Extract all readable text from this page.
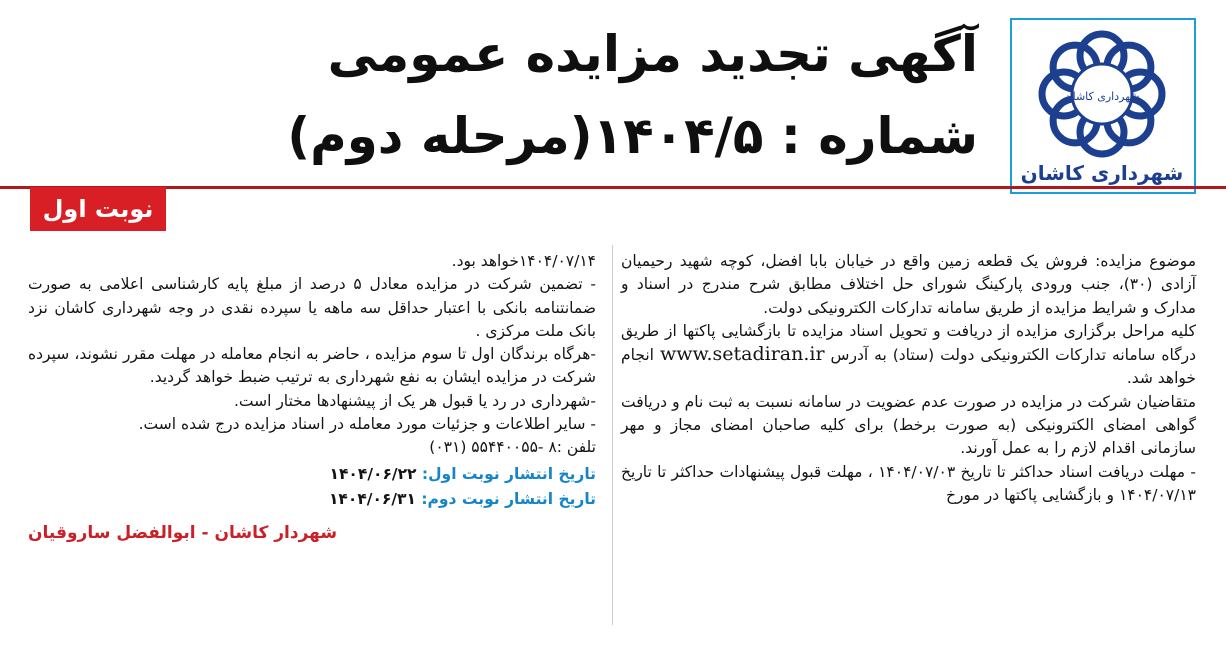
شهرداری کاشان
شهرداری کاشان
آگهی تجدید مزایده عمومی
شماره : ۱۴۰۴/۵(مرحله دوم)
نوبت اول

موضوع مزایده: فروش یک قطعه زمین واقع در خیابان بابا افضل، کوچه شهید رحیمیان آزادی (۳۰)، جنب ورودی پارکینگ شورای حل اختلاف مطابق شرح مندرج در اسناد و مدارک و شرایط مزایده از طریق سامانه تدارکات الکترونیکی دولت.

کلیه مراحل برگزاری مزایده از دریافت و تحویل اسناد مزایده تا بازگشایی پاکتها از طریق درگاه سامانه تدارکات الکترونیکی دولت (ستاد) به آدرس www.setadiran.ir انجام خواهد شد.

متقاضیان شرکت در مزایده در صورت عدم عضویت در سامانه نسبت به ثبت نام و دریافت گواهی امضای الکترونیکی (به صورت برخط) برای کلیه صاحبان امضای مجاز و مهر سازمانی اقدام لازم را به عمل آورند.

- مهلت دریافت اسناد حداکثر تا تاریخ ۱۴۰۴/۰۷/۰۳ ، مهلت قبول پیشنهادات حداکثر تا تاریخ ۱۴۰۴/۰۷/۱۳ و بازگشایی پاکتها در مورخ

۱۴۰۴/۰۷/۱۴خواهد بود.

- تضمین شرکت در مزایده معادل ۵ درصد از مبلغ پایه کارشناسی اعلامی به صورت ضمانتنامه بانکی با اعتبار حداقل سه ماهه یا سپرده نقدی در وجه شهرداری کاشان نزد بانک ملت مرکزی .

-هرگاه برندگان اول تا سوم مزایده ، حاضر به انجام معامله در مهلت مقرر نشوند، سپرده شرکت در مزایده ایشان به نفع شهرداری به ترتیب ضبط خواهد گردید.

-شهرداری در رد یا قبول هر یک از پیشنهادها مختار است.

- سایر اطلاعات و جزئیات مورد معامله در اسناد مزایده درج شده است.

تلفن :۸ -۵۵۴۴۰۰۵۵ (۰۳۱)

تاریخ انتشار نوبت اول: ۱۴۰۴/۰۶/۲۲

تاریخ انتشار نوبت دوم: ۱۴۰۴/۰۶/۳۱

شهردار کاشان - ابوالفضل ساروقیان
